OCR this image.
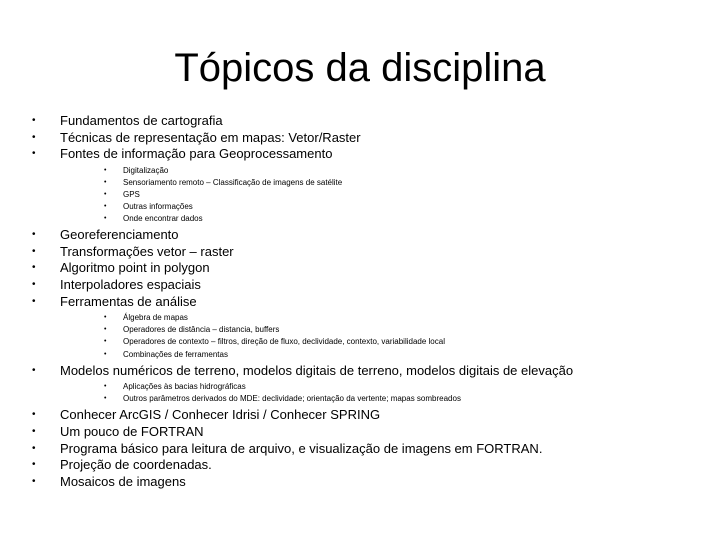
Tópicos da disciplina
• Fundamentos de cartografia
• Técnicas de representação em mapas: Vetor/Raster
• Fontes de informação para Geoprocessamento
• Digitalização
• Sensoriamento remoto – Classificação de imagens de satélite
• GPS
• Outras informações
• Onde encontrar dados
• Georeferenciamento
• Transformações vetor – raster
• Algoritmo point in polygon
• Interpoladores espaciais
• Ferramentas de análise
• Álgebra de mapas
• Operadores de distância – distancia, buffers
• Operadores de contexto – filtros, direção de fluxo, declividade, contexto, variabilidade local
• Combinações de ferramentas
• Modelos numéricos de terreno, modelos digitais de terreno, modelos digitais de elevação
• Aplicações às bacias hidrográficas
• Outros parâmetros derivados do MDE: declividade; orientação da vertente; mapas sombreados
• Conhecer ArcGIS / Conhecer Idrisi / Conhecer SPRING
• Um pouco de FORTRAN
• Programa básico para leitura de arquivo, e visualização de imagens em FORTRAN.
• Projeção de coordenadas.
• Mosaicos de imagens
